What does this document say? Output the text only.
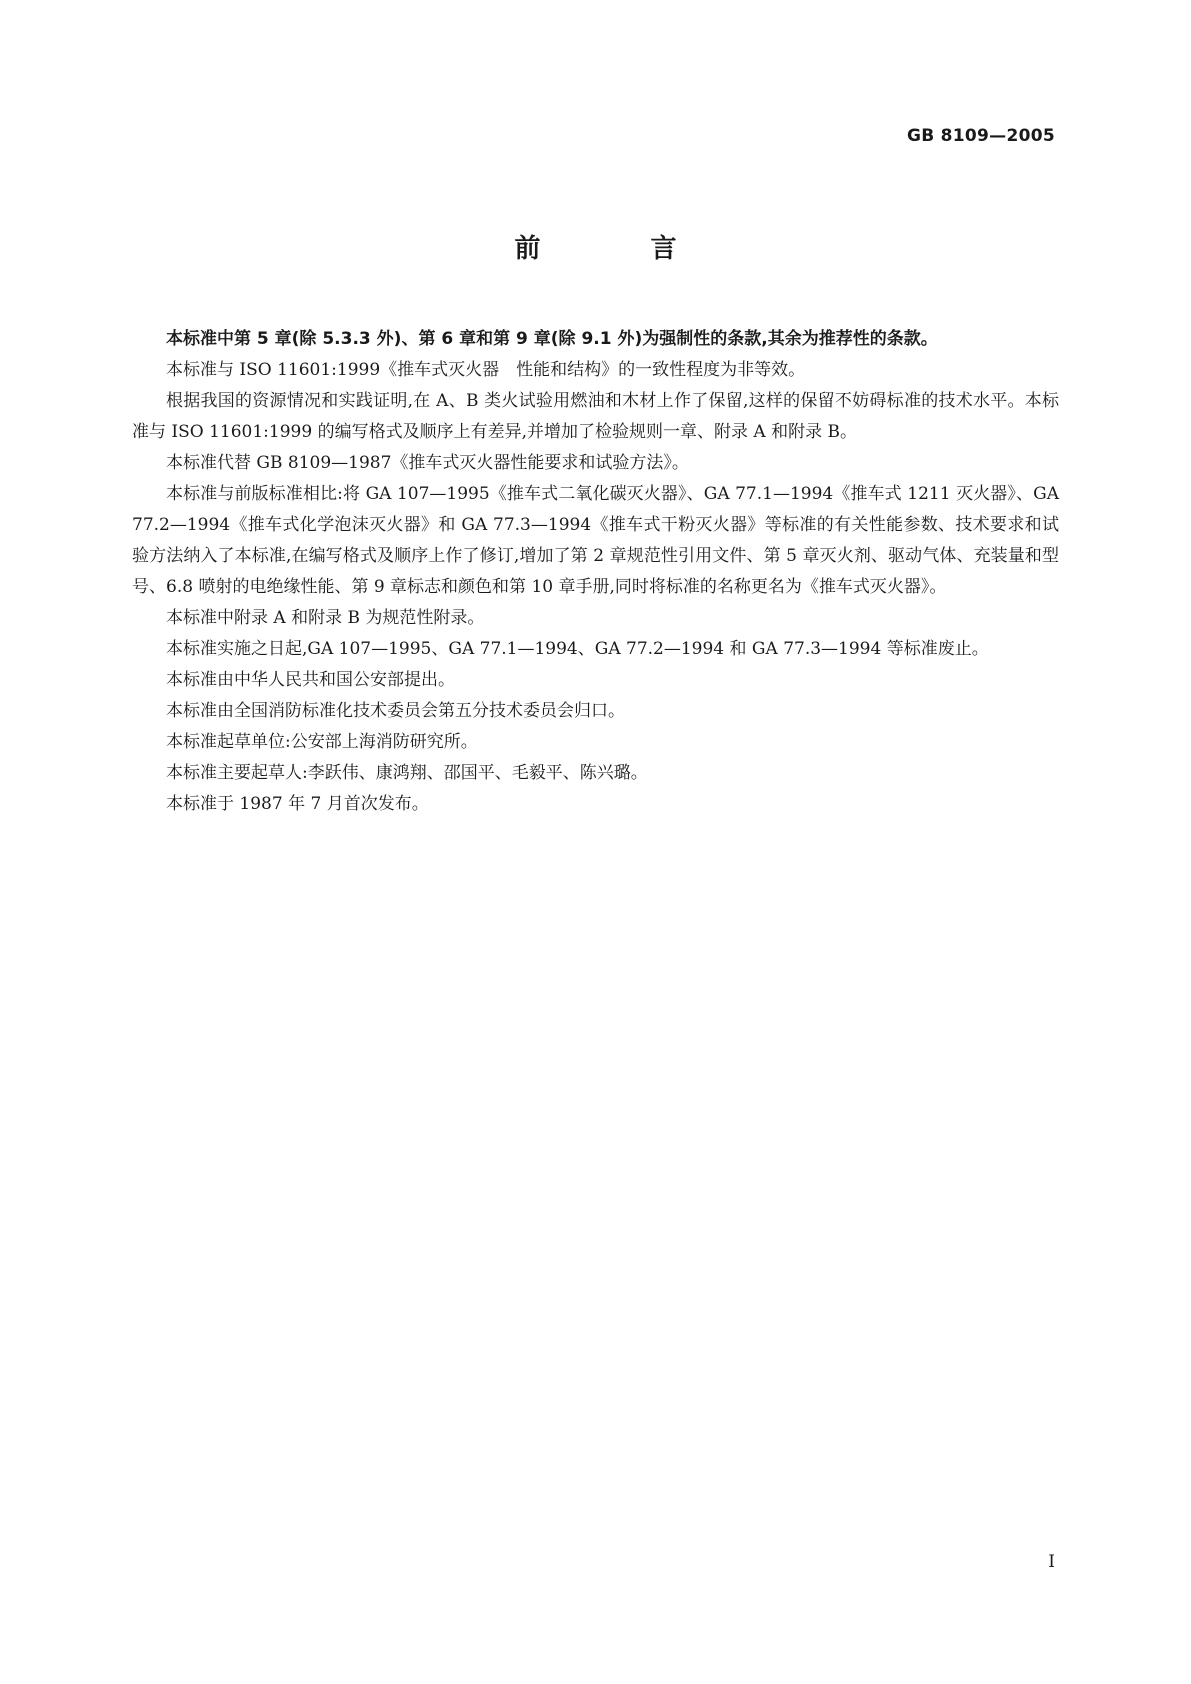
GB 8109—2005
前　言

本标准中第 5 章(除 5.3.3 外)、第 6 章和第 9 章(除 9.1 外)为强制性的条款,其余为推荐性的条款。

本标准与 ISO 11601:1999《推车式灭火器　性能和结构》的一致性程度为非等效。

根据我国的资源情况和实践证明,在 A、B 类火试验用燃油和木材上作了保留,这样的保留不妨碍标准的技术水平。本标准与 ISO 11601:1999 的编写格式及顺序上有差异,并增加了检验规则一章、附录 A 和附录 B。

本标准代替 GB 8109—1987《推车式灭火器性能要求和试验方法》。

本标准与前版标准相比:将 GA 107—1995《推车式二氧化碳灭火器》、GA 77.1—1994《推车式 1211 灭火器》、GA 77.2—1994《推车式化学泡沫灭火器》和 GA 77.3—1994《推车式干粉灭火器》等标准的有关性能参数、技术要求和试验方法纳入了本标准,在编写格式及顺序上作了修订,增加了第 2 章规范性引用文件、第 5 章灭火剂、驱动气体、充装量和型号、6.8 喷射的电绝缘性能、第 9 章标志和颜色和第 10 章手册,同时将标准的名称更名为《推车式灭火器》。

本标准中附录 A 和附录 B 为规范性附录。

本标准实施之日起,GA 107—1995、GA 77.1—1994、GA 77.2—1994 和 GA 77.3—1994 等标准废止。

本标准由中华人民共和国公安部提出。

本标准由全国消防标准化技术委员会第五分技术委员会归口。

本标准起草单位:公安部上海消防研究所。

本标准主要起草人:李跃伟、康鸿翔、邵国平、毛毅平、陈兴璐。

本标准于 1987 年 7 月首次发布。

I
